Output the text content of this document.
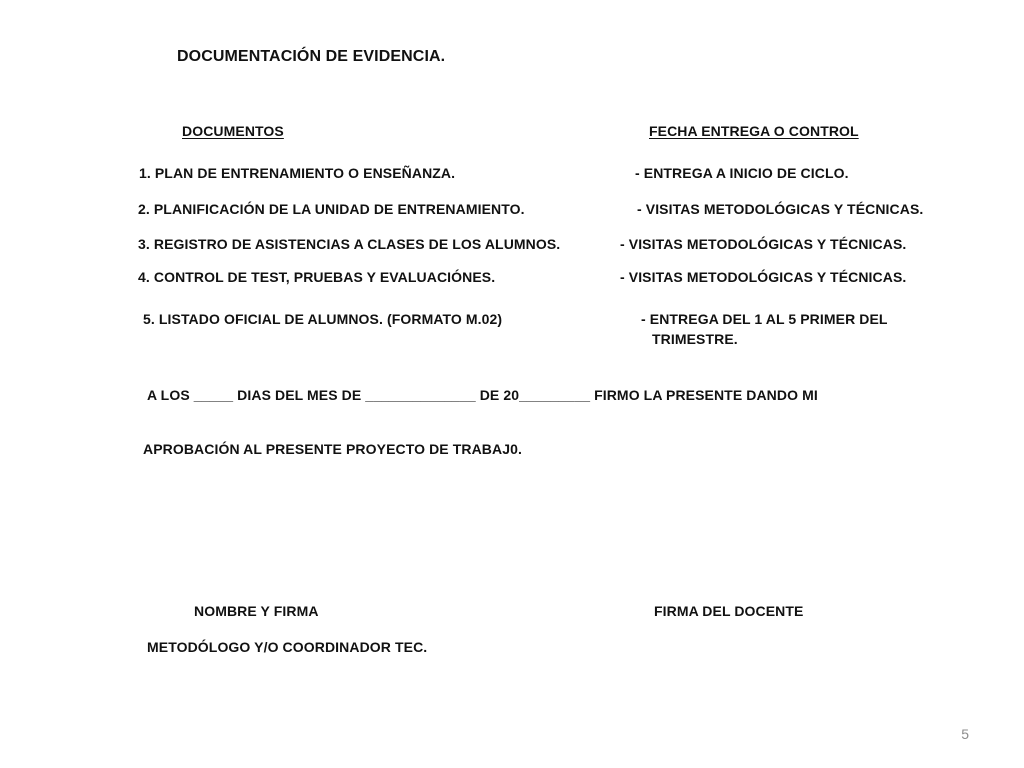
DOCUMENTACIÓN DE EVIDENCIA.
DOCUMENTOS	FECHA ENTREGA O CONTROL
1. PLAN DE ENTRENAMIENTO O ENSEÑANZA.	- ENTREGA A INICIO DE CICLO.
2. PLANIFICACIÓN DE LA UNIDAD DE ENTRENAMIENTO.	- VISITAS METODOLÓGICAS Y TÉCNICAS.
3. REGISTRO DE ASISTENCIAS A CLASES DE LOS ALUMNOS.	- VISITAS METODOLÓGICAS Y TÉCNICAS.
4. CONTROL DE TEST, PRUEBAS Y EVALUACIÓNES.	- VISITAS METODOLÓGICAS Y TÉCNICAS.
5. LISTADO OFICIAL DE ALUMNOS. (FORMATO M.02)	- ENTREGA DEL 1 AL 5 PRIMER DEL
TRIMESTRE.
A LOS _____ DIAS DEL MES DE ______________ DE 20_________ FIRMO LA PRESENTE DANDO MI
APROBACIÓN AL PRESENTE PROYECTO DE TRABAJ0.
NOMBRE Y FIRMA	FIRMA DEL DOCENTE
METODÓLOGO Y/O COORDINADOR TEC.
5
